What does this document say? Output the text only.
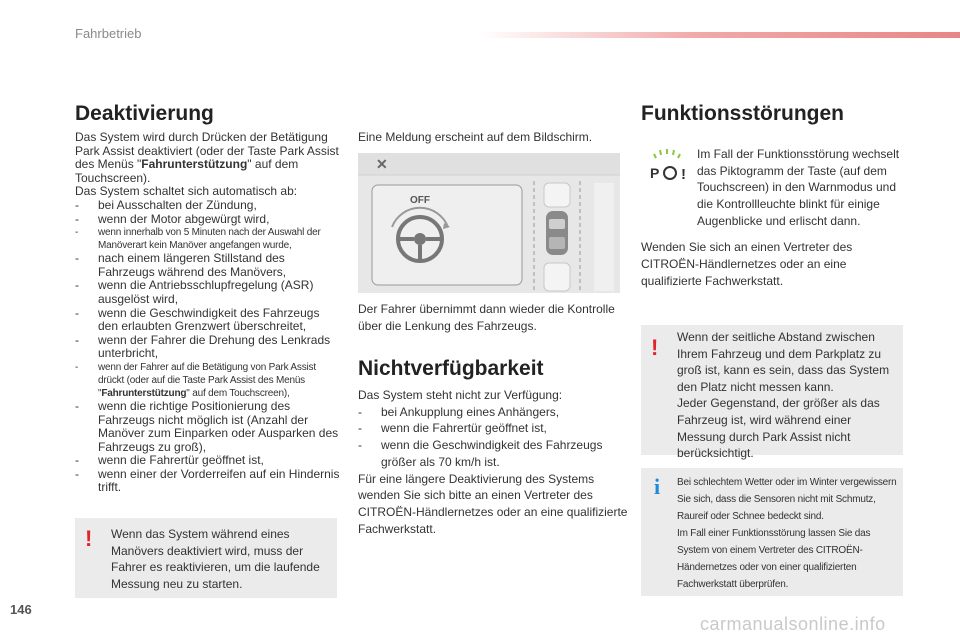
Fahrbetrieb
Deaktivierung

Das System wird durch Drücken der Betätigung Park Assist deaktiviert (oder der Taste Park Assist des Menüs "Fahrunterstützung" auf dem Touchscreen).

Das System schaltet sich automatisch ab:

- bei Ausschalten der Zündung,
- wenn der Motor abgewürgt wird,
- wenn innerhalb von 5 Minuten nach der Auswahl der Manöverart kein Manöver angefangen wurde,
- nach einem längeren Stillstand des Fahrzeugs während des Manövers,
- wenn die Antriebsschlupfregelung (ASR) ausgelöst wird,
- wenn die Geschwindigkeit des Fahrzeugs den erlaubten Grenzwert überschreitet,
- wenn der Fahrer die Drehung des Lenkrads unterbricht,
- wenn der Fahrer auf die Betätigung von Park Assist drückt (oder auf die Taste Park Assist des Menüs "Fahrunterstützung" auf dem Touchscreen),
- wenn die richtige Positionierung des Fahrzeugs nicht möglich ist (Anzahl der Manöver zum Einparken oder Ausparken des Fahrzeugs zu groß),
- wenn die Fahrertür geöffnet ist,
- wenn einer der Vorderreifen auf ein Hindernis trifft.
! Wenn das System während eines Manövers deaktiviert wird, muss der Fahrer es reaktivieren, um die laufende Messung neu zu starten.
Eine Meldung erscheint auf dem Bildschirm.
✕
OFF
Der Fahrer übernimmt dann wieder die Kontrolle über die Lenkung des Fahrzeugs.
Nichtverfügbarkeit

Das System steht nicht zur Verfügung:

- bei Ankupplung eines Anhängers,
- wenn die Fahrertür geöffnet ist,
- wenn die Geschwindigkeit des Fahrzeugs größer als 70 km/h ist.

Für eine längere Deaktivierung des Systems wenden Sie sich bitte an einen Vertreter des CITROËN-Händlernetzes oder an eine qualifizierte Fachwerkstatt.

Funktionsstörungen
P !
Im Fall der Funktionsstörung wechselt das Piktogramm der Taste (auf dem Touchscreen) in den Warnmodus und die Kontrollleuchte blinkt für einige Augenblicke und erlischt dann.
Wenden Sie sich an einen Vertreter des CITROËN-Händlernetzes oder an eine qualifizierte Fachwerkstatt.
! Wenn der seitliche Abstand zwischen Ihrem Fahrzeug und dem Parkplatz zu groß ist, kann es sein, dass das System den Platz nicht messen kann.
Jeder Gegenstand, der größer als das Fahrzeug ist, wird während einer Messung durch Park Assist nicht berücksichtigt.
i Bei schlechtem Wetter oder im Winter vergewissern Sie sich, dass die Sensoren nicht mit Schmutz, Raureif oder Schnee bedeckt sind.
Im Fall einer Funktionsstörung lassen Sie das System von einem Vertreter des CITROËN-Händernetzes oder von einer qualifizierten Fachwerkstatt überprüfen.
146
carmanualsonline.info
